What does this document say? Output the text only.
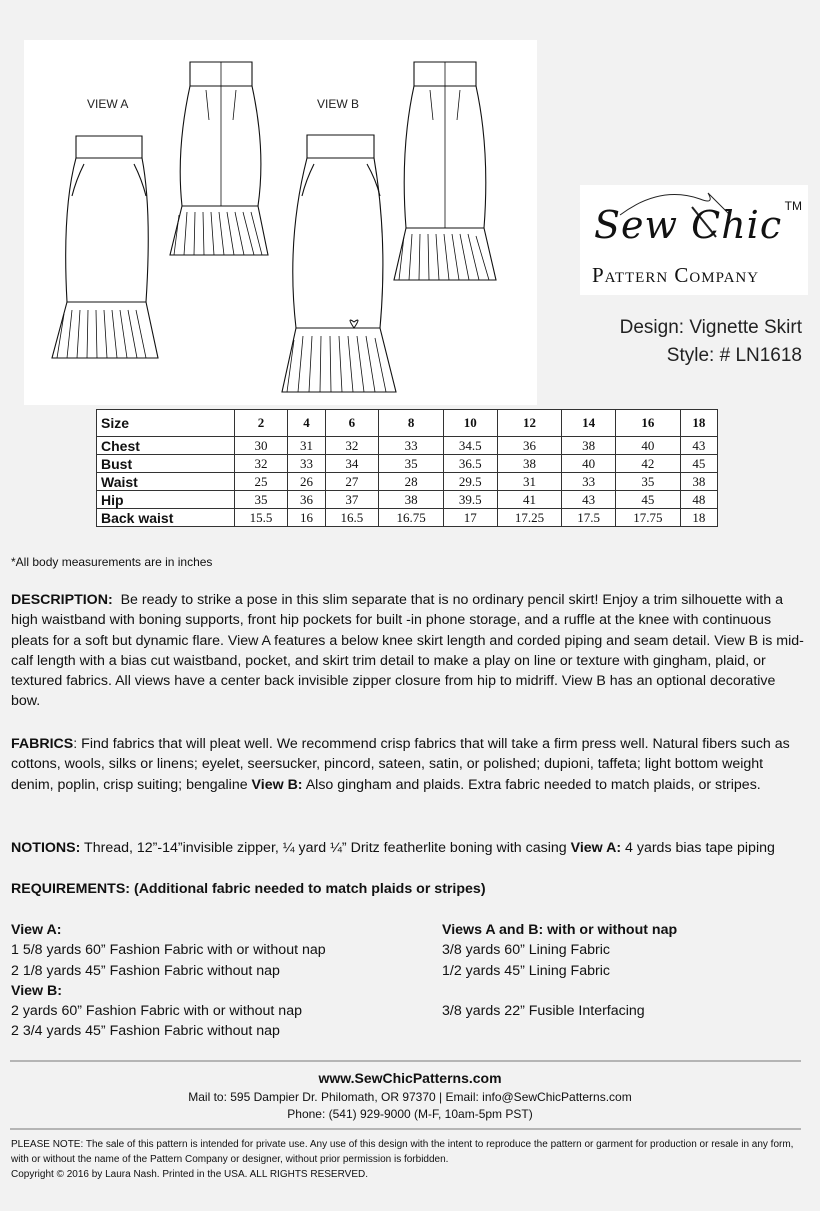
VIEW A	VIEW B
Sew Chic TM
Pattern Company
Design: Vignette Skirt
Style: # LN1618
Size	2	4	6	8	10	12	14	16	18
Chest	30	31	32	33	34.5	36	38	40	43
Bust	32	33	34	35	36.5	38	40	42	45
Waist	25	26	27	28	29.5	31	33	35	38
Hip	35	36	37	38	39.5	41	43	45	48
Back waist	15.5	16	16.5	16.75	17	17.25	17.5	17.75	18
*All body measurements are in inches
DESCRIPTION: Be ready to strike a pose in this slim separate that is no ordinary pencil skirt! Enjoy a trim silhouette with a high waistband with boning supports, front hip pockets for built -in phone storage, and a ruffle at the knee with continuous pleats for a soft but dynamic flare. View A features a below knee skirt length and corded piping and seam detail. View B is mid-calf length with a bias cut waistband, pocket, and skirt trim detail to make a play on line or texture with gingham, plaid, or textured fabrics. All views have a center back invisible zipper closure from hip to midriff. View B has an optional decorative bow.
FABRICS: Find fabrics that will pleat well. We recommend crisp fabrics that will take a firm press well. Natural fibers such as cottons, wools, silks or linens; eyelet, seersucker, pincord, sateen, satin, or polished; dupioni, taffeta; light bottom weight denim, poplin, crisp suiting; bengaline View B: Also gingham and plaids. Extra fabric needed to match plaids, or stripes.
NOTIONS: Thread, 12”-14”invisible zipper, ¼ yard ¼” Dritz featherlite boning with casing View A: 4 yards bias tape piping
REQUIREMENTS: (Additional fabric needed to match plaids or stripes)
View A:
1 5/8 yards 60” Fashion Fabric with or without nap
2 1/8 yards 45” Fashion Fabric without nap
View B:
2 yards 60” Fashion Fabric with or without nap
2 3/4 yards 45” Fashion Fabric without nap
Views A and B: with or without nap
3/8 yards 60” Lining Fabric
1/2 yards 45” Lining Fabric

3/8 yards 22” Fusible Interfacing
www.SewChicPatterns.com
Mail to: 595 Dampier Dr. Philomath, OR 97370 | Email: info@SewChicPatterns.com
Phone: (541) 929-9000 (M-F, 10am-5pm PST)
PLEASE NOTE: The sale of this pattern is intended for private use. Any use of this design with the intent to reproduce the pattern or garment for production or resale in any form, with or without the name of the Pattern Company or designer, without prior permission is forbidden.
Copyright © 2016 by Laura Nash. Printed in the USA. ALL RIGHTS RESERVED.
